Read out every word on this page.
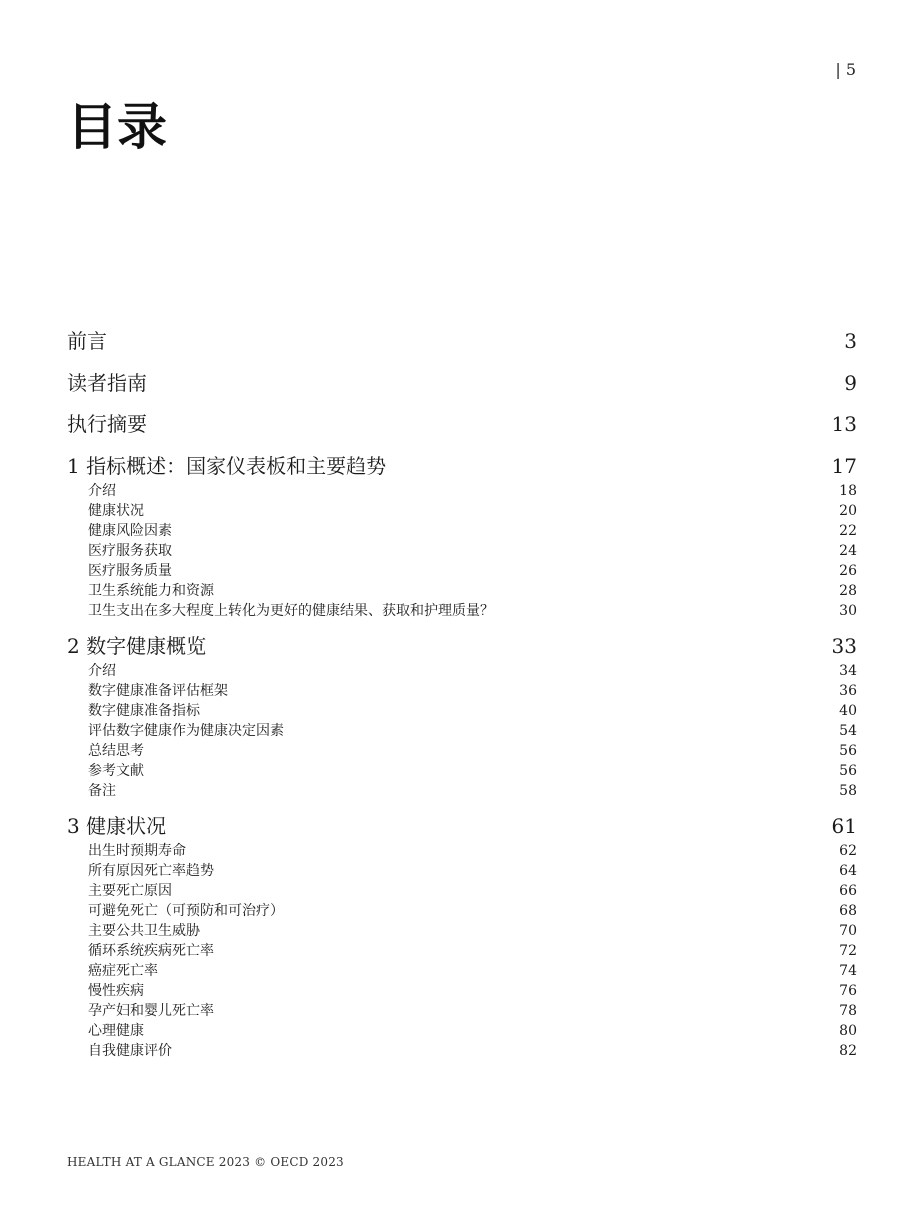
| 5
目录
前言	3
读者指南	9
执行摘要	13
1 指标概述：国家仪表板和主要趋势	17
介绍	18
健康状况	20
健康风险因素	22
医疗服务获取	24
医疗服务质量	26
卫生系统能力和资源	28
卫生支出在多大程度上转化为更好的健康结果、获取和护理质量？	30
2 数字健康概览	33
介绍	34
数字健康准备评估框架	36
数字健康准备指标	40
评估数字健康作为健康决定因素	54
总结思考	56
参考文献	56
备注	58
3 健康状况	61
出生时预期寿命	62
所有原因死亡率趋势	64
主要死亡原因	66
可避免死亡（可预防和可治疗）	68
主要公共卫生威胁	70
循环系统疾病死亡率	72
癌症死亡率	74
慢性疾病	76
孕产妇和婴儿死亡率	78
心理健康	80
自我健康评价	82
HEALTH AT A GLANCE 2023 © OECD 2023
